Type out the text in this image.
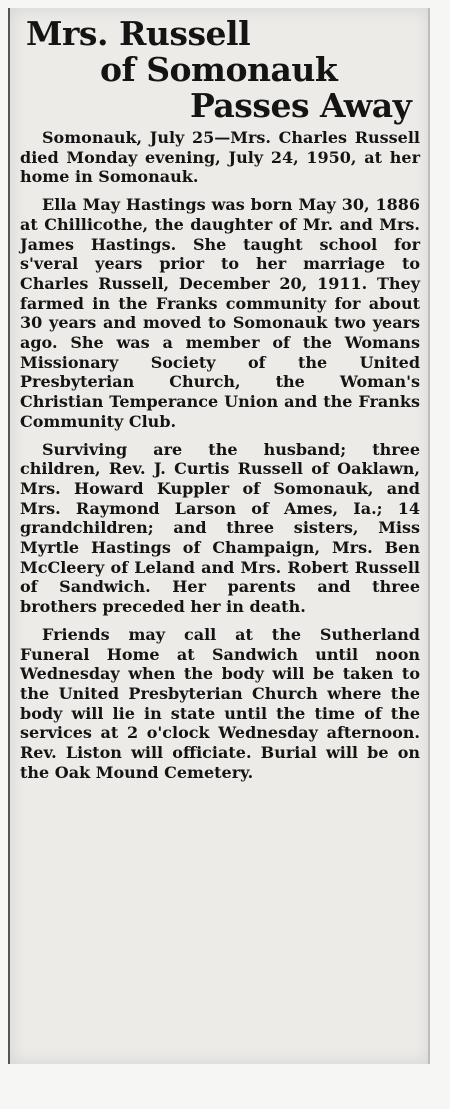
Mrs. Russell
of Somonauk
Passes Away

Somonauk, July 25—Mrs. Charles Russell died Monday evening, July 24, 1950, at her home in Somonauk.

Ella May Hastings was born May 30, 1886 at Chillicothe, the daughter of Mr. and Mrs. James Hastings. She taught school for s'veral years prior to her marriage to Charles Russell, December 20, 1911. They farmed in the Franks community for about 30 years and moved to Somonauk two years ago. She was a member of the Womans Missionary Society of the United Presbyterian Church, the Woman's Christian Temperance Union and the Franks Community Club.

Surviving are the husband; three children, Rev. J. Curtis Russell of Oaklawn, Mrs. Howard Kuppler of Somonauk, and Mrs. Raymond Larson of Ames, Ia.; 14 grandchildren; and three sisters, Miss Myrtle Hastings of Champaign, Mrs. Ben McCleery of Leland and Mrs. Robert Russell of Sandwich. Her parents and three brothers preceded her in death.

Friends may call at the Sutherland Funeral Home at Sandwich until noon Wednesday when the body will be taken to the United Presbyterian Church where the body will lie in state until the time of the services at 2 o'clock Wednesday afternoon. Rev. Liston will officiate. Burial will be on the Oak Mound Cemetery.
